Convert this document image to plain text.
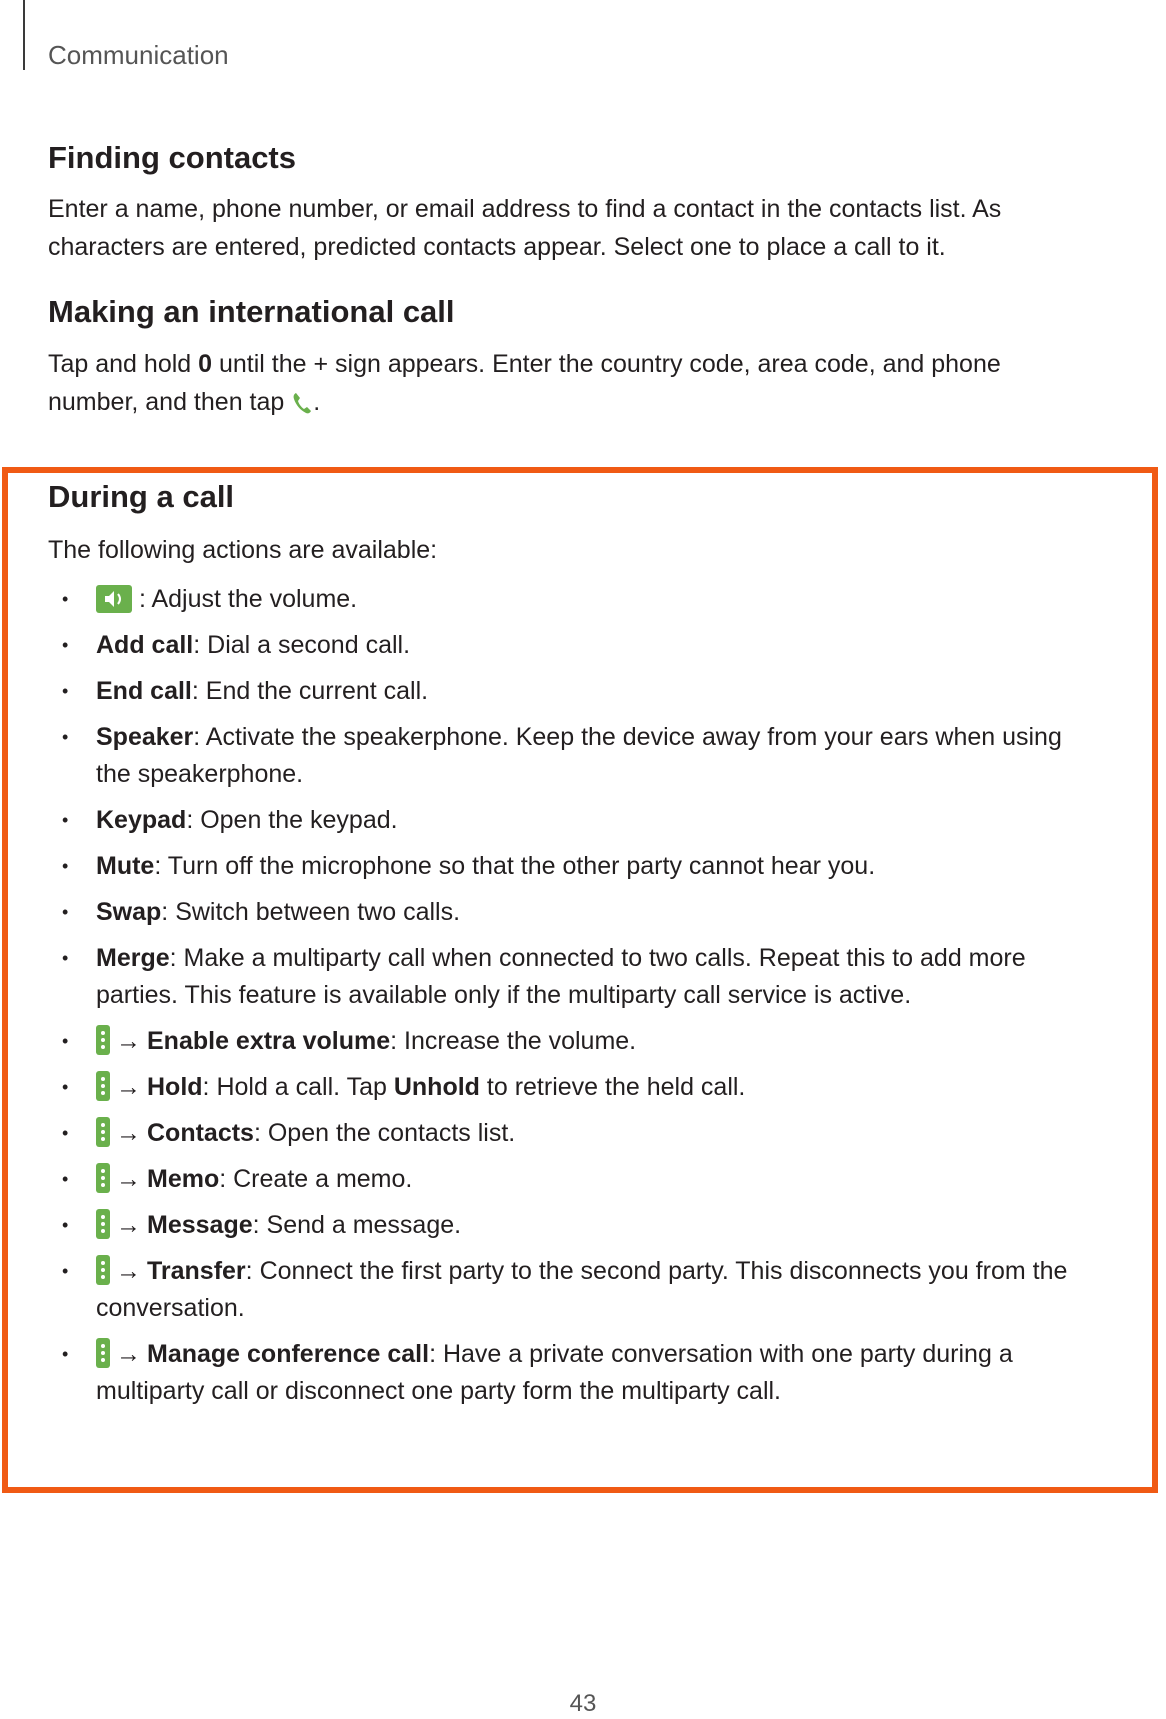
Communication
Finding contacts

Enter a name, phone number, or email address to find a contact in the contacts list. As characters are entered, predicted contacts appear. Select one to place a call to it.

Making an international call

Tap and hold 0 until the + sign appears. Enter the country code, area code, and phone number, and then tap .

During a call

The following actions are available:

•	: Adjust the volume.
• Add call: Dial a second call.
• End call: End the current call.
• Speaker: Activate the speakerphone. Keep the device away from your ears when using the speakerphone.
• Keypad: Open the keypad.
• Mute: Turn off the microphone so that the other party cannot hear you.
• Swap: Switch between two calls.
• Merge: Make a multiparty call when connected to two calls. Repeat this to add more parties. This feature is available only if the multiparty call service is active.
• → Enable extra volume: Increase the volume.
• → Hold: Hold a call. Tap Unhold to retrieve the held call.
• → Contacts: Open the contacts list.
• → Memo: Create a memo.
• → Message: Send a message.
• → Transfer: Connect the first party to the second party. This disconnects you from the conversation.
• → Manage conference call: Have a private conversation with one party during a multiparty call or disconnect one party form the multiparty call.
43
